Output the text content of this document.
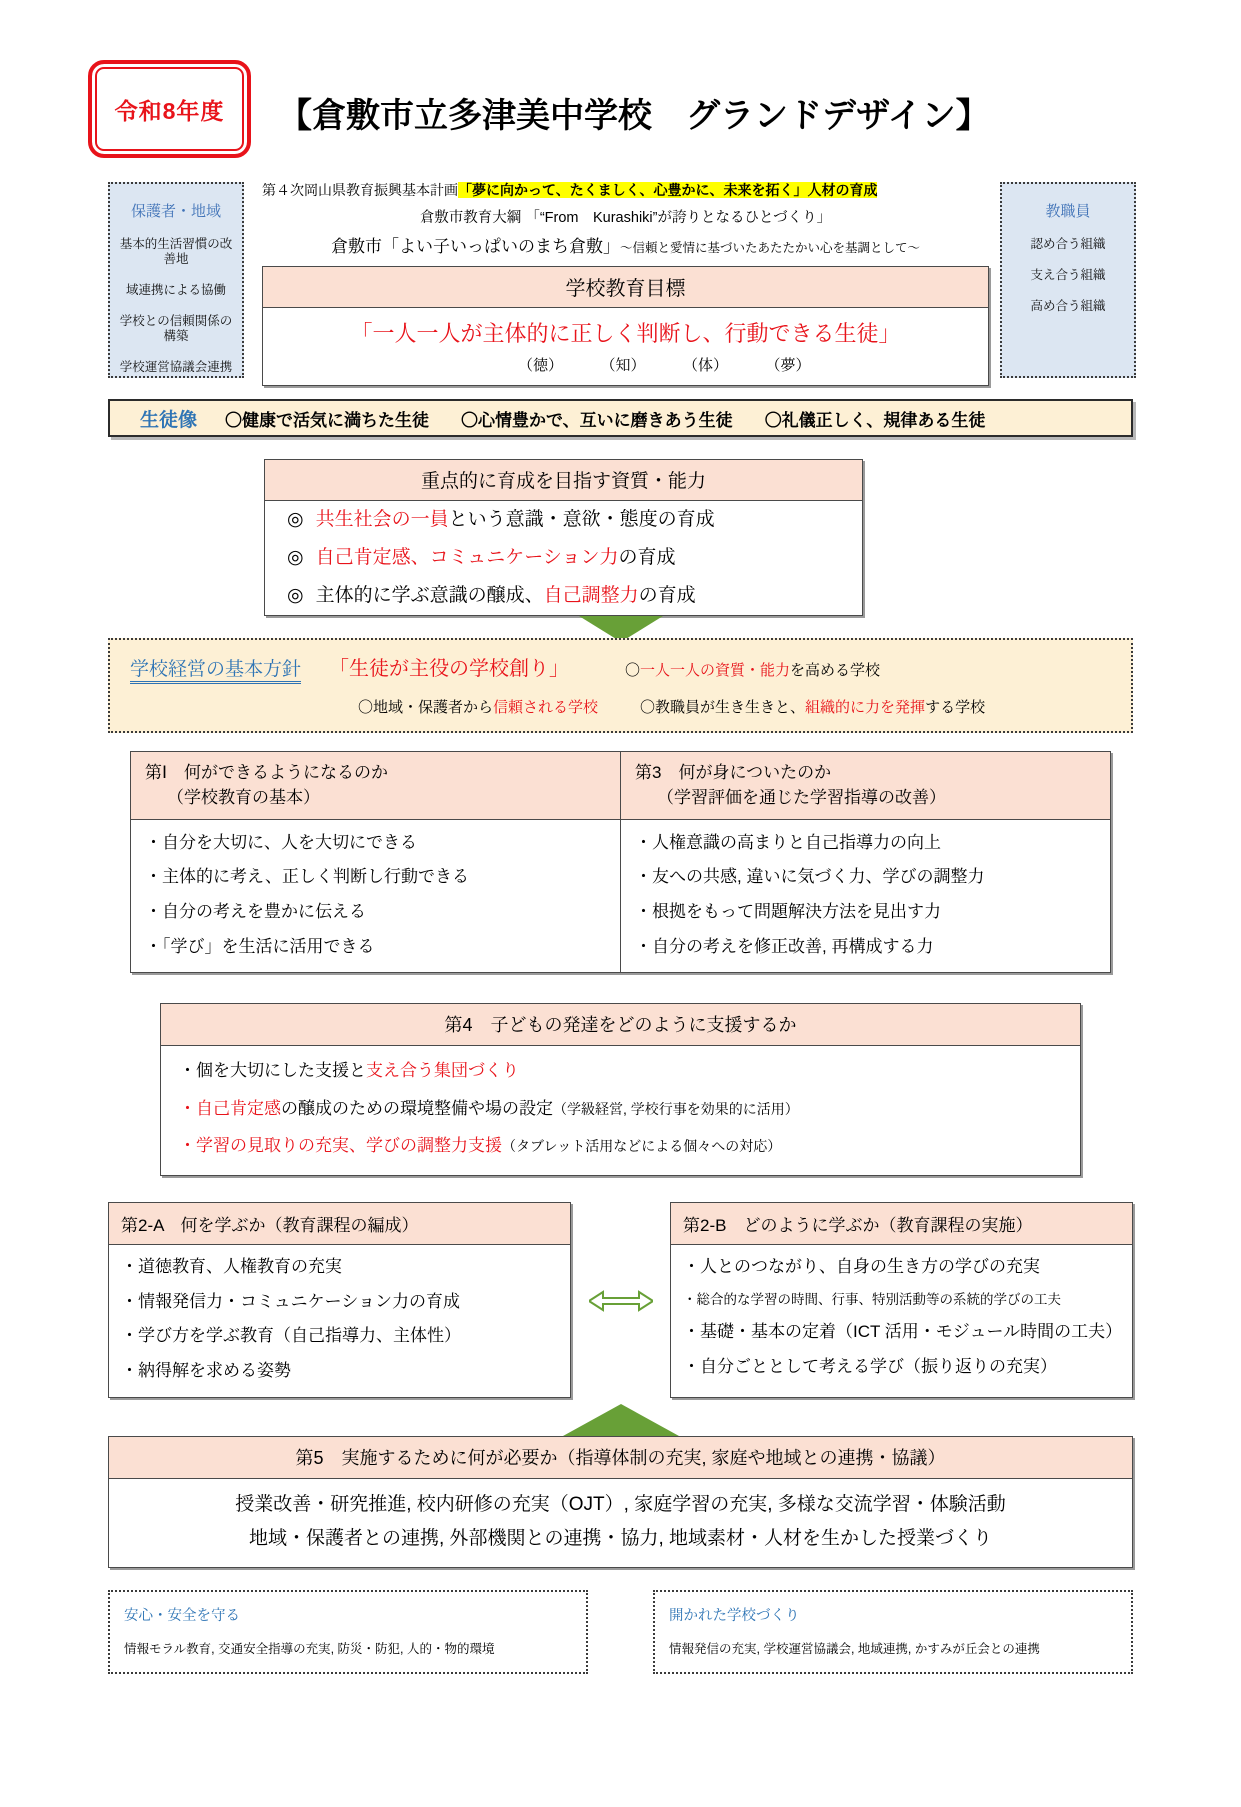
令和8年度 【倉敷市立多津美中学校　グランドデザイン】
保護者・地域
基本的生活習慣の改善地
域連携による協働
学校との信頼関係の構築
学校運営協議会連携
第４次岡山県教育振興基本計画「夢に向かって、たくましく、心豊かに、未来を拓く」人材の育成
倉敷市教育大綱 「“From　Kurashiki”が誇りとなるひとづくり」
倉敷市「よい子いっぱいのまち倉敷」～信頼と愛情に基づいたあたたかい心を基調として～
学校教育目標
「一人一人が主体的に正しく判断し、行動できる生徒」
（徳）	（知）	（体）	（夢）
教職員
認め合う組織
支え合う組織
高め合う組織
生徒像 〇健康で活気に満ちた生徒 〇心情豊かで、互いに磨きあう生徒 〇礼儀正しく、規律ある生徒
重点的に育成を目指す資質・能力
◎ 共生社会の一員という意識・意欲・態度の育成
◎ 自己肯定感、コミュニケーション力の育成
◎ 主体的に学ぶ意識の醸成、自己調整力の育成
学校経営の基本方針 「生徒が主役の学校創り」	〇一人一人の資質・能力を高める学校
〇地域・保護者から信頼される学校	〇教職員が生き生きと、組織的に力を発揮する学校
第Ⅰ　何ができるようになるのか
（学校教育の基本）
・自分を大切に、人を大切にできる
・主体的に考え、正しく判断し行動できる
・自分の考えを豊かに伝える
・「学び」を生活に活用できる
第3　何が身についたのか
（学習評価を通じた学習指導の改善）
・人権意識の高まりと自己指導力の向上
・友への共感, 違いに気づく力、学びの調整力
・根拠をもって問題解決方法を見出す力
・自分の考えを修正改善, 再構成する力
第4　子どもの発達をどのように支援するか
・個を大切にした支援と支え合う集団づくり
・自己肯定感の醸成のための環境整備や場の設定（学級経営, 学校行事を効果的に活用）
・学習の見取りの充実、学びの調整力支援（タブレット活用などによる個々への対応）
第2-A　何を学ぶか（教育課程の編成）
・道徳教育、人権教育の充実
・情報発信力・コミュニケーション力の育成
・学び方を学ぶ教育（自己指導力、主体性）
・納得解を求める姿勢
第2-B　どのように学ぶか（教育課程の実施）
・人とのつながり、自身の生き方の学びの充実
・総合的な学習の時間、行事、特別活動等の系統的学びの工夫
・基礎・基本の定着（ICT 活用・モジュール時間の工夫）
・自分ごととして考える学び（振り返りの充実）
第5　実施するために何が必要か（指導体制の充実, 家庭や地域との連携・協議）
授業改善・研究推進, 校内研修の充実（OJT）, 家庭学習の充実, 多様な交流学習・体験活動
地域・保護者との連携, 外部機関との連携・協力, 地域素材・人材を生かした授業づくり
安心・安全を守る
情報モラル教育, 交通安全指導の充実, 防災・防犯, 人的・物的環境
開かれた学校づくり
情報発信の充実, 学校運営協議会, 地域連携, かすみが丘会との連携
